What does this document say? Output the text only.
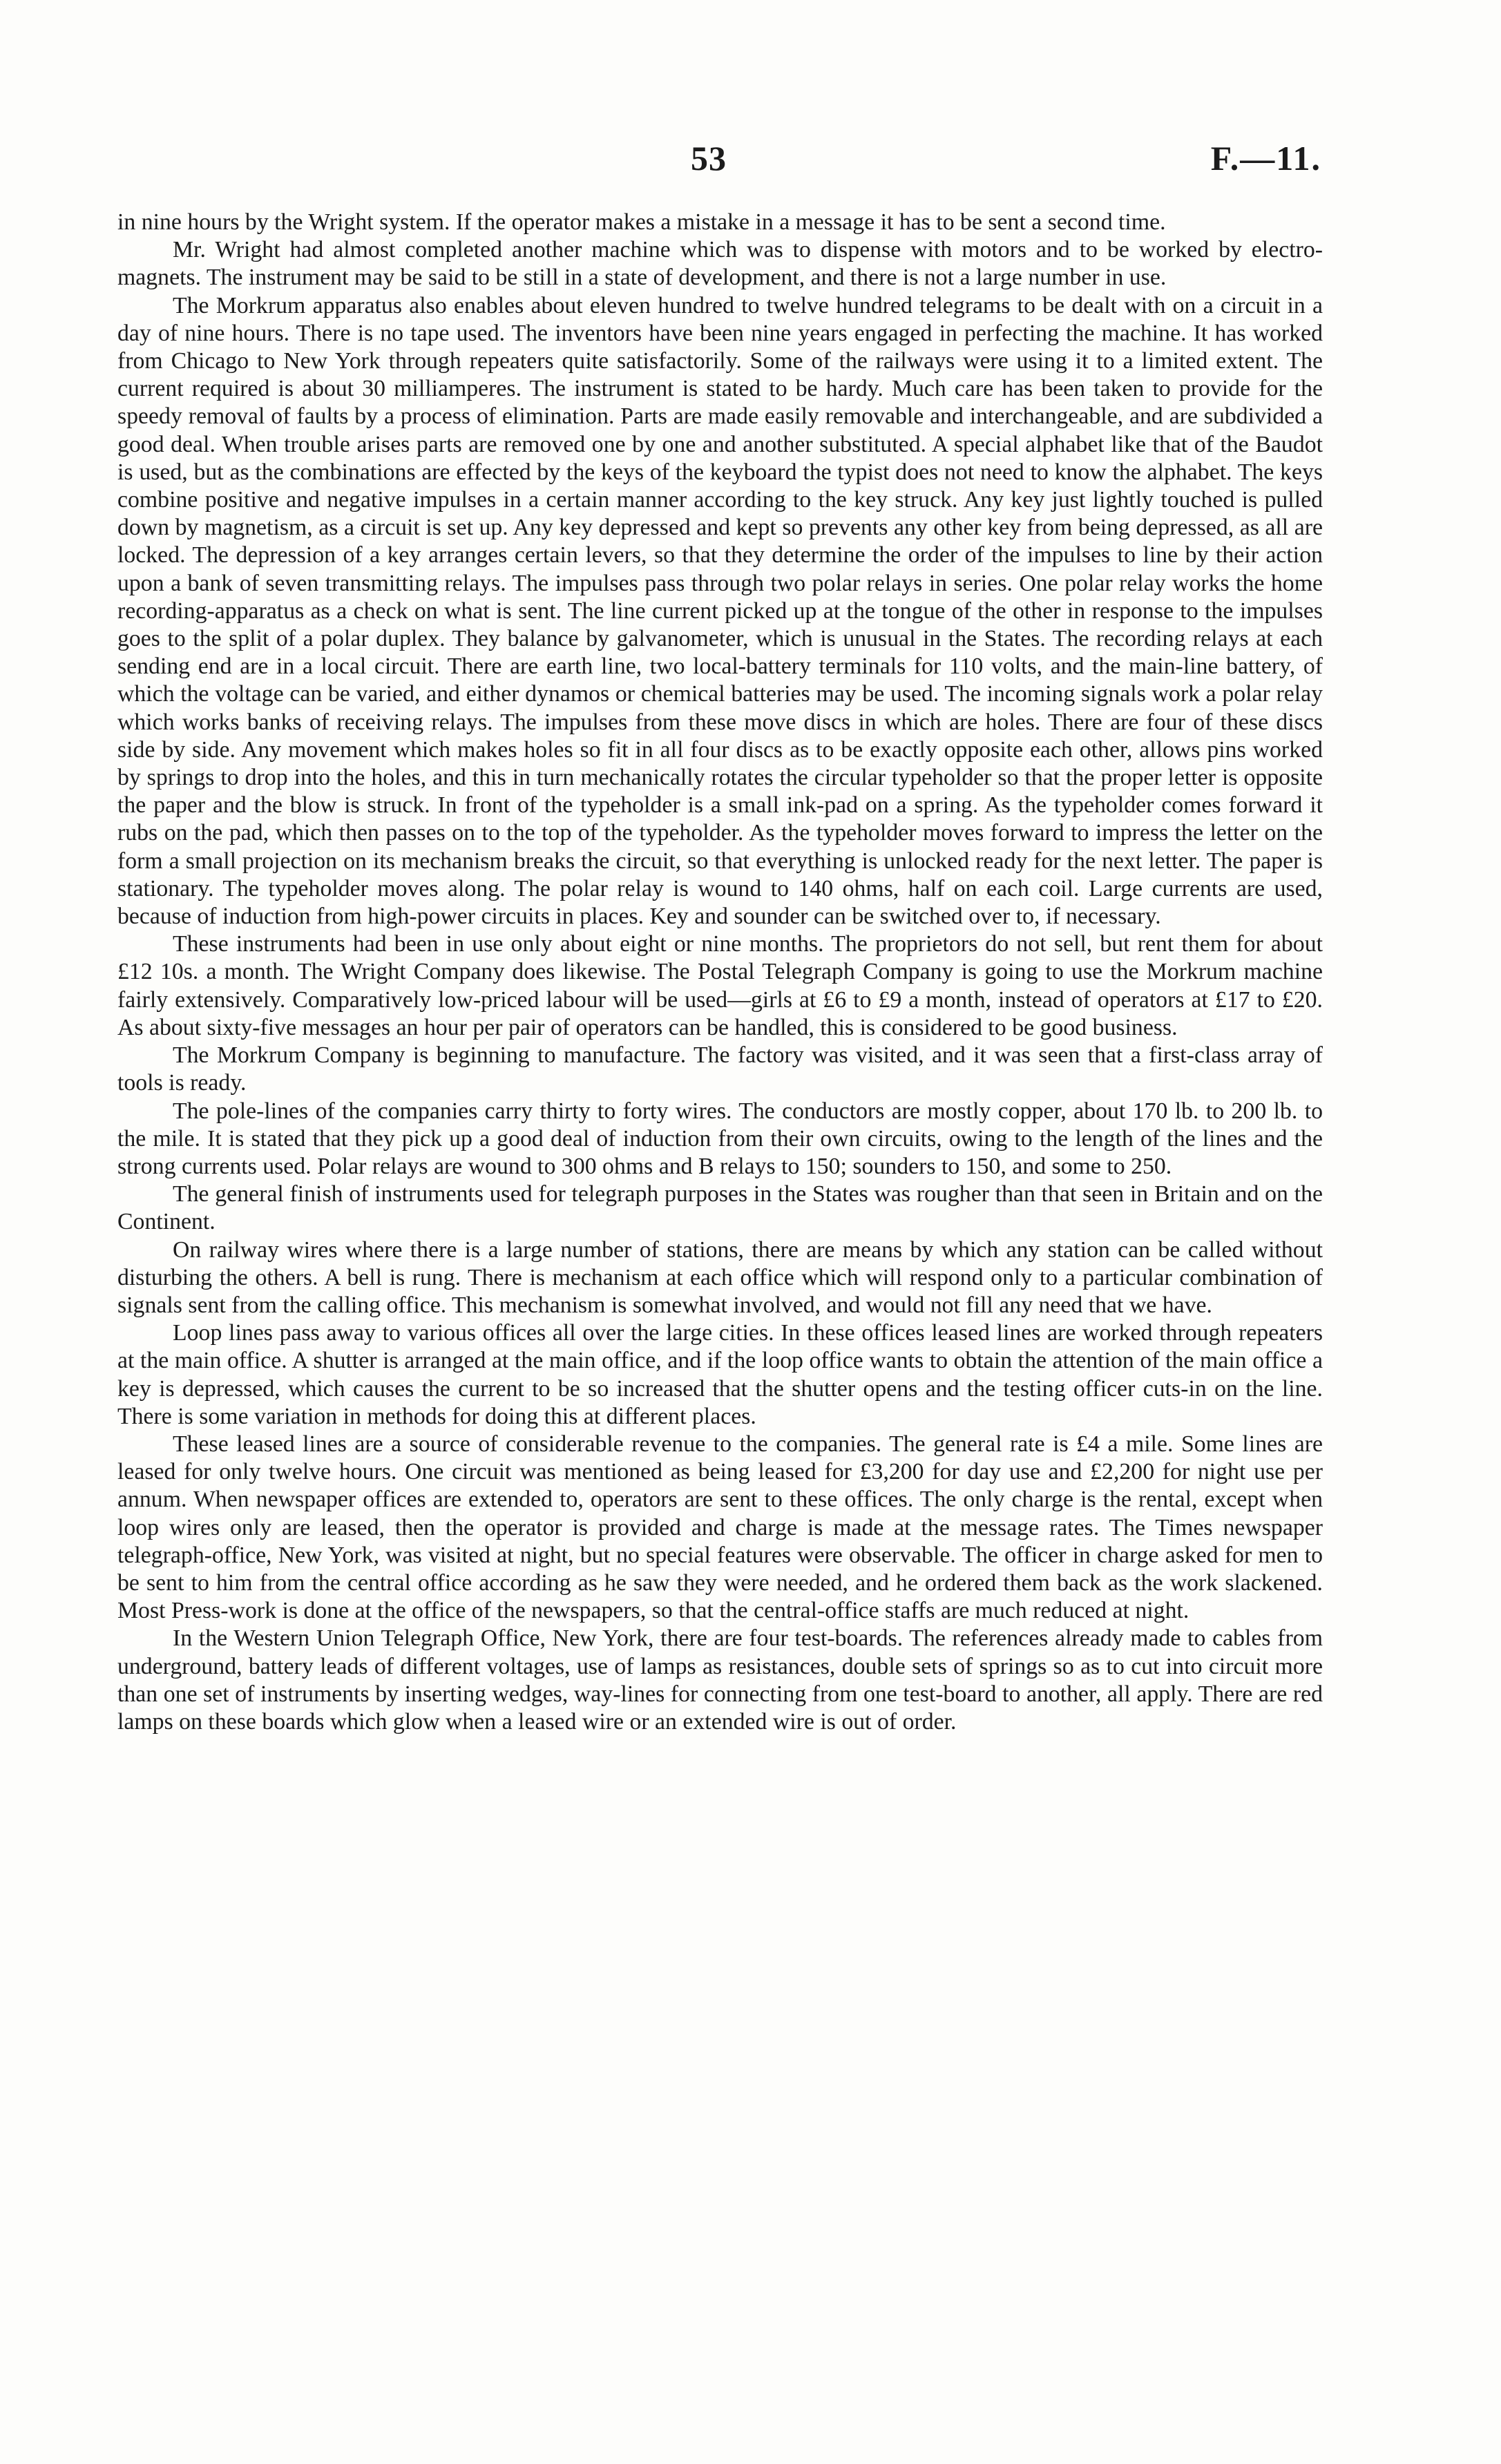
53	F.—11.

in nine hours by the Wright system. If the operator makes a mistake in a message it has to be sent a second time.

Mr. Wright had almost completed another machine which was to dispense with motors and to be worked by electro-magnets. The instrument may be said to be still in a state of development, and there is not a large number in use.

The Morkrum apparatus also enables about eleven hundred to twelve hundred telegrams to be dealt with on a circuit in a day of nine hours. There is no tape used. The inventors have been nine years engaged in perfecting the machine. It has worked from Chicago to New York through repeaters quite satisfactorily. Some of the railways were using it to a limited extent. The current required is about 30 milliamperes. The instrument is stated to be hardy. Much care has been taken to provide for the speedy removal of faults by a process of elimination. Parts are made easily removable and interchangeable, and are subdivided a good deal. When trouble arises parts are removed one by one and another substituted. A special alphabet like that of the Baudot is used, but as the combinations are effected by the keys of the keyboard the typist does not need to know the alphabet. The keys combine positive and negative impulses in a certain manner according to the key struck. Any key just lightly touched is pulled down by magnetism, as a circuit is set up. Any key depressed and kept so prevents any other key from being depressed, as all are locked. The depression of a key arranges certain levers, so that they determine the order of the impulses to line by their action upon a bank of seven transmitting relays. The impulses pass through two polar relays in series. One polar relay works the home recording-apparatus as a check on what is sent. The line current picked up at the tongue of the other in response to the impulses goes to the split of a polar duplex. They balance by galvanometer, which is unusual in the States. The recording relays at each sending end are in a local circuit. There are earth line, two local-battery terminals for 110 volts, and the main-line battery, of which the voltage can be varied, and either dynamos or chemical batteries may be used. The incoming signals work a polar relay which works banks of receiving relays. The impulses from these move discs in which are holes. There are four of these discs side by side. Any movement which makes holes so fit in all four discs as to be exactly opposite each other, allows pins worked by springs to drop into the holes, and this in turn mechanically rotates the circular typeholder so that the proper letter is opposite the paper and the blow is struck. In front of the typeholder is a small ink-pad on a spring. As the typeholder comes forward it rubs on the pad, which then passes on to the top of the typeholder. As the typeholder moves forward to impress the letter on the form a small projection on its mechanism breaks the circuit, so that everything is unlocked ready for the next letter. The paper is stationary. The typeholder moves along. The polar relay is wound to 140 ohms, half on each coil. Large currents are used, because of induction from high-power circuits in places. Key and sounder can be switched over to, if necessary.

These instruments had been in use only about eight or nine months. The proprietors do not sell, but rent them for about £12 10s. a month. The Wright Company does likewise. The Postal Telegraph Company is going to use the Morkrum machine fairly extensively. Comparatively low-priced labour will be used—girls at £6 to £9 a month, instead of operators at £17 to £20. As about sixty-five messages an hour per pair of operators can be handled, this is considered to be good business.

The Morkrum Company is beginning to manufacture. The factory was visited, and it was seen that a first-class array of tools is ready.

The pole-lines of the companies carry thirty to forty wires. The conductors are mostly copper, about 170 lb. to 200 lb. to the mile. It is stated that they pick up a good deal of induction from their own circuits, owing to the length of the lines and the strong currents used. Polar relays are wound to 300 ohms and B relays to 150; sounders to 150, and some to 250.

The general finish of instruments used for telegraph purposes in the States was rougher than that seen in Britain and on the Continent.

On railway wires where there is a large number of stations, there are means by which any station can be called without disturbing the others. A bell is rung. There is mechanism at each office which will respond only to a particular combination of signals sent from the calling office. This mechanism is somewhat involved, and would not fill any need that we have.

Loop lines pass away to various offices all over the large cities. In these offices leased lines are worked through repeaters at the main office. A shutter is arranged at the main office, and if the loop office wants to obtain the attention of the main office a key is depressed, which causes the current to be so increased that the shutter opens and the testing officer cuts-in on the line. There is some variation in methods for doing this at different places.

These leased lines are a source of considerable revenue to the companies. The general rate is £4 a mile. Some lines are leased for only twelve hours. One circuit was mentioned as being leased for £3,200 for day use and £2,200 for night use per annum. When newspaper offices are extended to, operators are sent to these offices. The only charge is the rental, except when loop wires only are leased, then the operator is provided and charge is made at the message rates. The Times newspaper telegraph-office, New York, was visited at night, but no special features were observable. The officer in charge asked for men to be sent to him from the central office according as he saw they were needed, and he ordered them back as the work slackened. Most Press-work is done at the office of the newspapers, so that the central-office staffs are much reduced at night.

In the Western Union Telegraph Office, New York, there are four test-boards. The references already made to cables from underground, battery leads of different voltages, use of lamps as resistances, double sets of springs so as to cut into circuit more than one set of instruments by inserting wedges, way-lines for connecting from one test-board to another, all apply. There are red lamps on these boards which glow when a leased wire or an extended wire is out of order.
